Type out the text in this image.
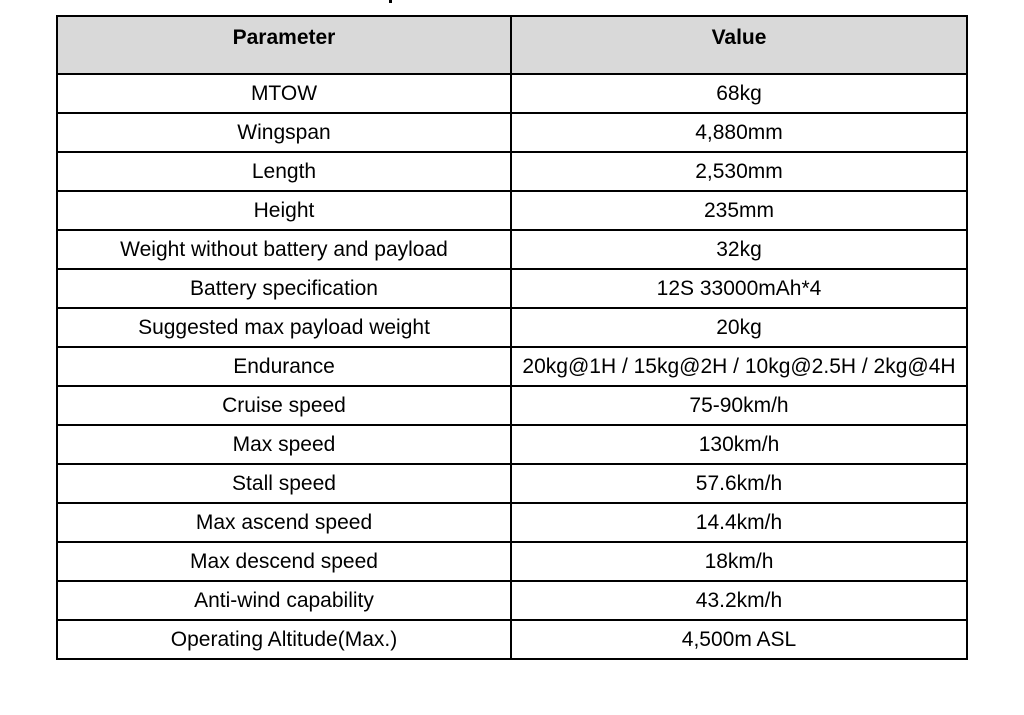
Parameter	Value
MTOW	68kg
Wingspan	4,880mm
Length	2,530mm
Height	235mm
Weight without battery and payload	32kg
Battery specification	12S 33000mAh*4
Suggested max payload weight	20kg
Endurance	20kg@1H / 15kg@2H / 10kg@2.5H / 2kg@4H
Cruise speed	75-90km/h
Max speed	130km/h
Stall speed	57.6km/h
Max ascend speed	14.4km/h
Max descend speed	18km/h
Anti-wind capability	43.2km/h
Operating Altitude(Max.)	4,500m ASL
